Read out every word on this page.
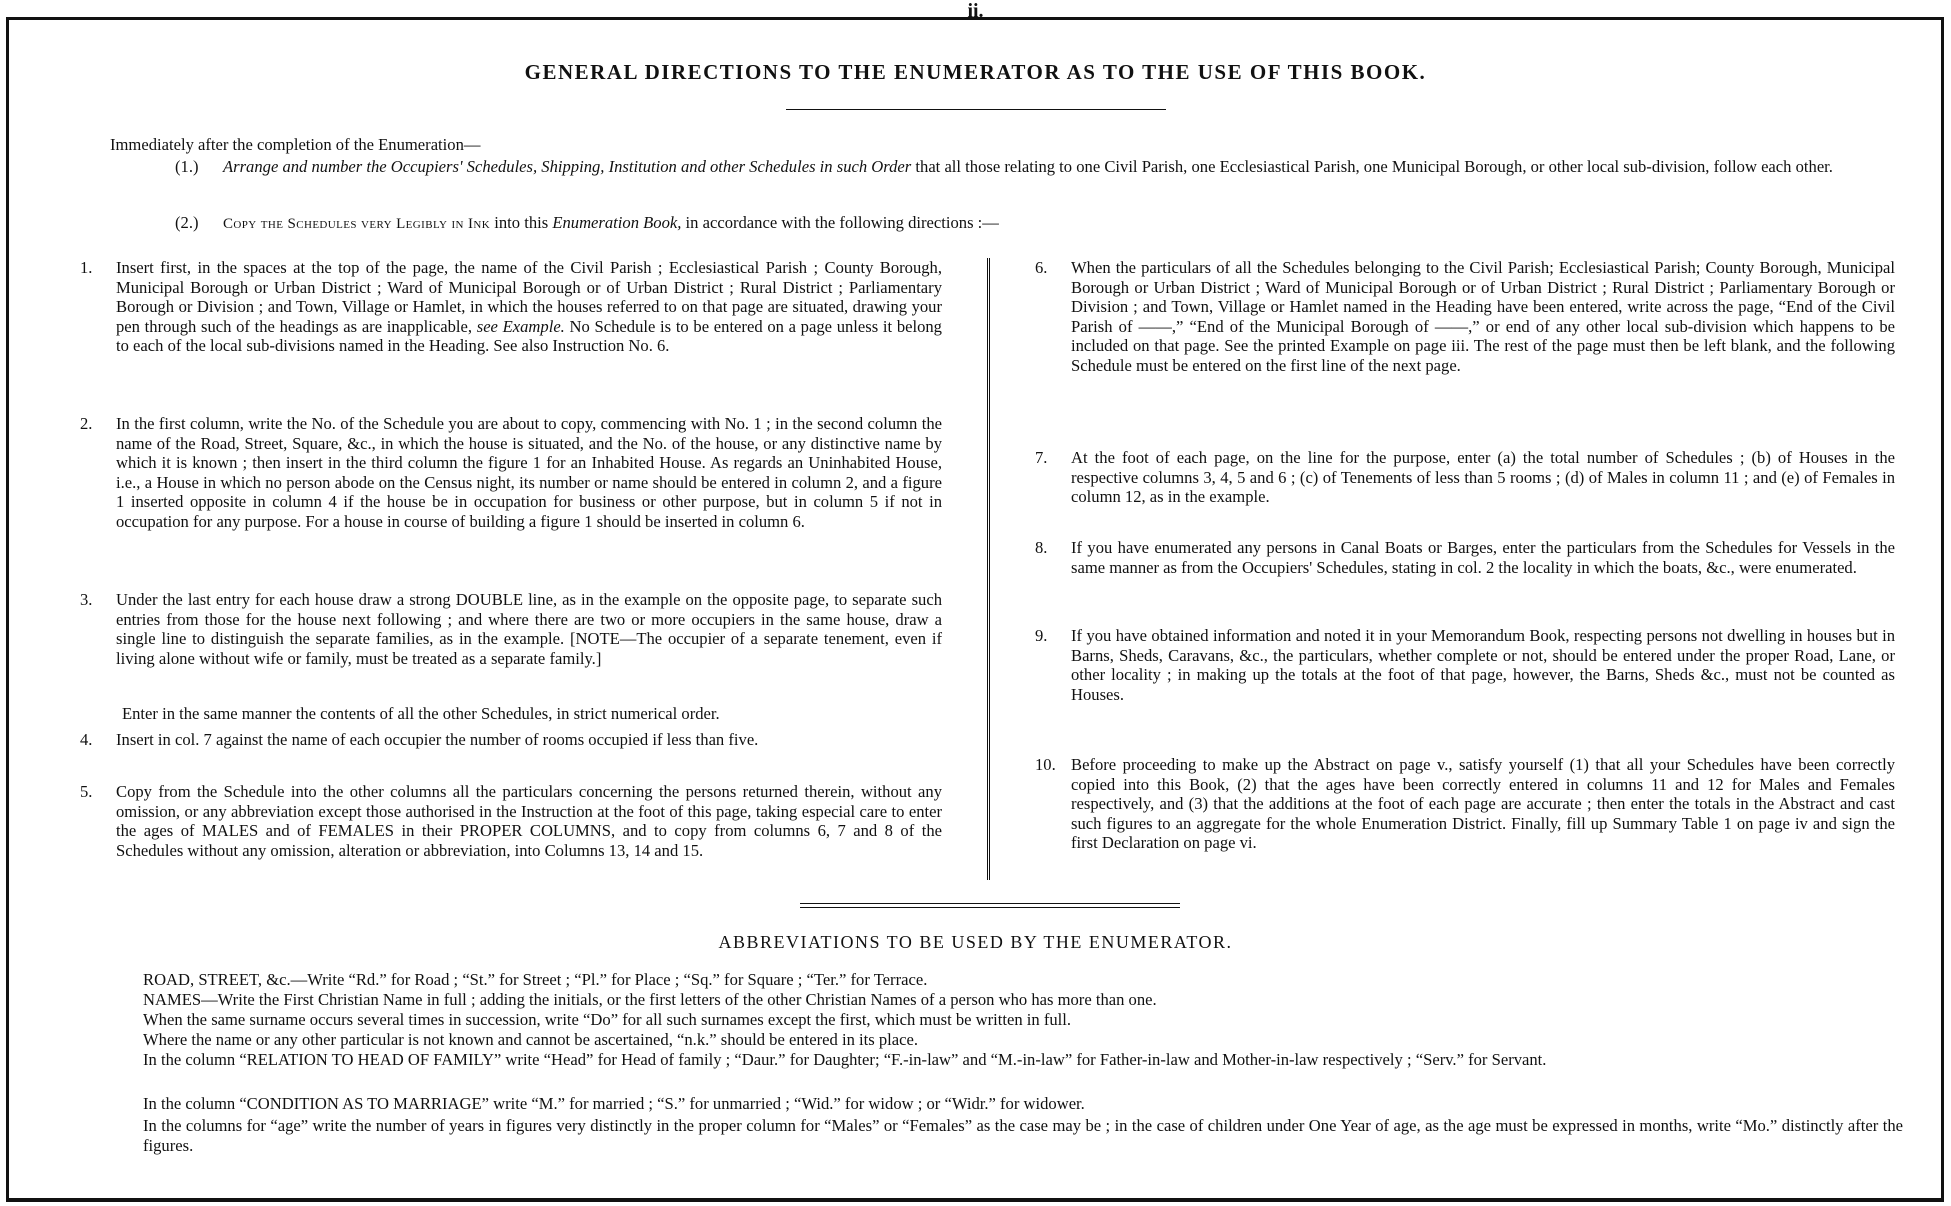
ii.
GENERAL DIRECTIONS TO THE ENUMERATOR AS TO THE USE OF THIS BOOK.
Immediately after the completion of the Enumeration—
(1.) Arrange and number the Occupiers' Schedules, Shipping, Institution and other Schedules in such Order that all those relating to one Civil Parish, one Ecclesiastical Parish, one Municipal Borough, or other local sub-division, follow each other.
(2.) Copy the Schedules very Legibly in Ink into this Enumeration Book, in accordance with the following directions :—
1. Insert first, in the spaces at the top of the page, the name of the Civil Parish ; Ecclesiastical Parish ; County Borough, Municipal Borough or Urban District ; Ward of Municipal Borough or of Urban District ; Rural District ; Parliamentary Borough or Division ; and Town, Village or Hamlet, in which the houses referred to on that page are situated, drawing your pen through such of the headings as are inapplicable, see Example. No Schedule is to be entered on a page unless it belong to each of the local sub-divisions named in the Heading. See also Instruction No. 6.
2. In the first column, write the No. of the Schedule you are about to copy, commencing with No. 1 ; in the second column the name of the Road, Street, Square, &c., in which the house is situated, and the No. of the house, or any distinctive name by which it is known ; then insert in the third column the figure 1 for an Inhabited House. As regards an Uninhabited House, i.e., a House in which no person abode on the Census night, its number or name should be entered in column 2, and a figure 1 inserted opposite in column 4 if the house be in occupation for business or other purpose, but in column 5 if not in occupation for any purpose. For a house in course of building a figure 1 should be inserted in column 6.
3. Under the last entry for each house draw a strong DOUBLE line, as in the example on the opposite page, to separate such entries from those for the house next following ; and where there are two or more occupiers in the same house, draw a single line to distinguish the separate families, as in the example. [NOTE—The occupier of a separate tenement, even if living alone without wife or family, must be treated as a separate family.]
Enter in the same manner the contents of all the other Schedules, in strict numerical order.
4. Insert in col. 7 against the name of each occupier the number of rooms occupied if less than five.
5. Copy from the Schedule into the other columns all the particulars concerning the persons returned therein, without any omission, or any abbreviation except those authorised in the Instruction at the foot of this page, taking especial care to enter the ages of MALES and of FEMALES in their PROPER COLUMNS, and to copy from columns 6, 7 and 8 of the Schedules without any omission, alteration or abbreviation, into Columns 13, 14 and 15.
6. When the particulars of all the Schedules belonging to the Civil Parish; Ecclesiastical Parish; County Borough, Municipal Borough or Urban District ; Ward of Municipal Borough or of Urban District ; Rural District ; Parliamentary Borough or Division ; and Town, Village or Hamlet named in the Heading have been entered, write across the page, “End of the Civil Parish of ——,” “End of the Municipal Borough of ——,” or end of any other local sub-division which happens to be included on that page. See the printed Example on page iii. The rest of the page must then be left blank, and the following Schedule must be entered on the first line of the next page.
7. At the foot of each page, on the line for the purpose, enter (a) the total number of Schedules ; (b) of Houses in the respective columns 3, 4, 5 and 6 ; (c) of Tenements of less than 5 rooms ; (d) of Males in column 11 ; and (e) of Females in column 12, as in the example.
8. If you have enumerated any persons in Canal Boats or Barges, enter the particulars from the Schedules for Vessels in the same manner as from the Occupiers' Schedules, stating in col. 2 the locality in which the boats, &c., were enumerated.
9. If you have obtained information and noted it in your Memorandum Book, respecting persons not dwelling in houses but in Barns, Sheds, Caravans, &c., the particulars, whether complete or not, should be entered under the proper Road, Lane, or other locality ; in making up the totals at the foot of that page, however, the Barns, Sheds &c., must not be counted as Houses.
10. Before proceeding to make up the Abstract on page v., satisfy yourself (1) that all your Schedules have been correctly copied into this Book, (2) that the ages have been correctly entered in columns 11 and 12 for Males and Females respectively, and (3) that the additions at the foot of each page are accurate ; then enter the totals in the Abstract and cast such figures to an aggregate for the whole Enumeration District. Finally, fill up Summary Table 1 on page iv and sign the first Declaration on page vi.
ABBREVIATIONS TO BE USED BY THE ENUMERATOR.
ROAD, STREET, &c.—Write “Rd.” for Road ; “St.” for Street ; “Pl.” for Place ; “Sq.” for Square ; “Ter.” for Terrace.
NAMES—Write the First Christian Name in full ; adding the initials, or the first letters of the other Christian Names of a person who has more than one.
When the same surname occurs several times in succession, write “Do” for all such surnames except the first, which must be written in full.
Where the name or any other particular is not known and cannot be ascertained, “n.k.” should be entered in its place.
In the column “RELATION TO HEAD OF FAMILY” write “Head” for Head of family ; “Daur.” for Daughter; “F.-in-law” and “M.-in-law” for Father-in-law and Mother-in-law respectively ; “Serv.” for Servant.
In the column “CONDITION AS TO MARRIAGE” write “M.” for married ; “S.” for unmarried ; “Wid.” for widow ; or “Widr.” for widower.
In the columns for “age” write the number of years in figures very distinctly in the proper column for “Males” or “Females” as the case may be ; in the case of children under One Year of age, as the age must be expressed in months, write “Mo.” distinctly after the figures.
